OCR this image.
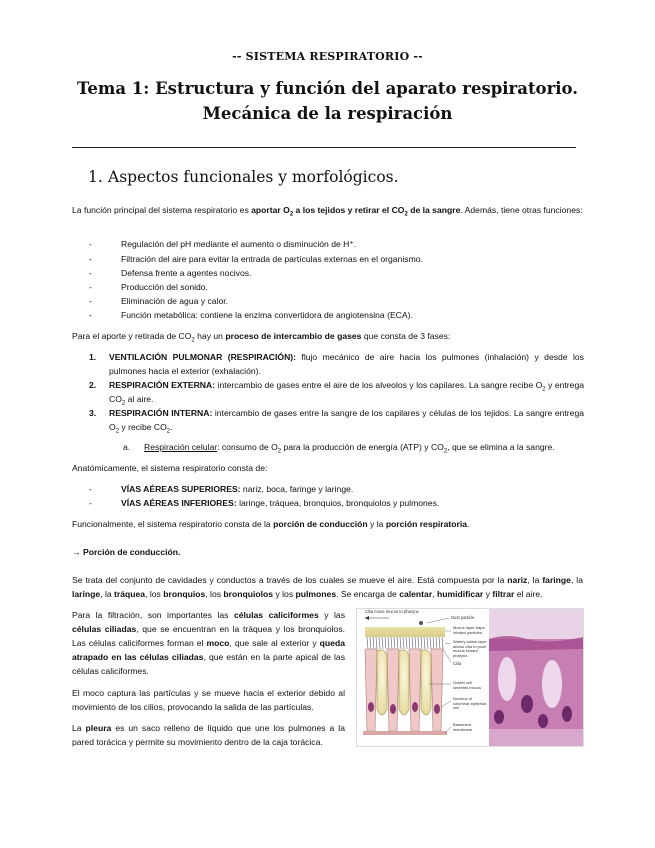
-- SISTEMA RESPIRATORIO --
Tema 1: Estructura y función del aparato respiratorio.
Mecánica de la respiración
1. Aspectos funcionales y morfológicos.
La función principal del sistema respiratorio es aportar $O_2$ a los tejidos y retirar el $CO_2$ de la sangre. Además, tiene otras funciones:
-	Regulación del pH mediante el aumento o disminución de H⁺.
-	Filtración del aire para evitar la entrada de partículas externas en el organismo.
-	Defensa frente a agentes nocivos.
-	Producción del sonido.
-	Eliminación de agua y calor.
-	Función metabólica: contiene la enzima convertidora de angiotensina (ECA).
Para el aporte y retirada de $CO_2$ hay un proceso de intercambio de gases que consta de 3 fases:
1. VENTILACIÓN PULMONAR (RESPIRACIÓN): flujo mecánico de aire hacia los pulmones (inhalación) y desde los pulmones hacia el exterior (exhalación).
2. RESPIRACIÓN EXTERNA: intercambio de gases entre el aire de los alveolos y los capilares. La sangre recibe $O_2$ y entrega $CO_2$ al aire.
3. RESPIRACIÓN INTERNA: intercambio de gases entre la sangre de los capilares y células de los tejidos. La sangre entrega $O_2$ y recibe $CO_2$.
a. Respiración celular: consumo de $O_2$ para la producción de energía (ATP) y $CO_2$, que se elimina a la sangre.
Anatómicamente, el sistema respiratorio consta de:
-	VÍAS AÉREAS SUPERIORES: nariz, boca, faringe y laringe.
-	VÍAS AÉREAS INFERIORES: laringe, tráquea, bronquios, bronquiolos y pulmones.
Funcionalmente, el sistema respiratorio consta de la porción de conducción y la porción respiratoria.
→ Porción de conducción.
Se trata del conjunto de cavidades y conductos a través de los cuales se mueve el aire. Está compuesta por la nariz, la faringe, la laringe, la tráquea, los bronquios, los bronquiolos y los pulmones. Se encarga de calentar, humidificar y filtrar el aire.
Para la filtración, son importantes las células caliciformes y las células ciliadas, que se encuentran en la tráquea y los bronquiolos. Las células caliciformes forman el moco, que sale al exterior y queda atrapado en las células ciliadas, que están en la parte apical de las células caliciformes.
El moco captura las partículas y se mueve hacia el exterior debido al movimiento de los cilios, provocando la salida de las partículas.
La pleura es un saco relleno de líquido que une los pulmones a la pared torácica y permite su movimiento dentro de la caja torácica.
Cilia move mucus to pharynx
Dust particle
Mucus layer traps inhaled particles.
Watery saline layer allows cilia to push mucus toward pharynx.
Cilia
Goblet cell secretes mucus
Nucleus of columnar epithelial cell
Basement membrane
